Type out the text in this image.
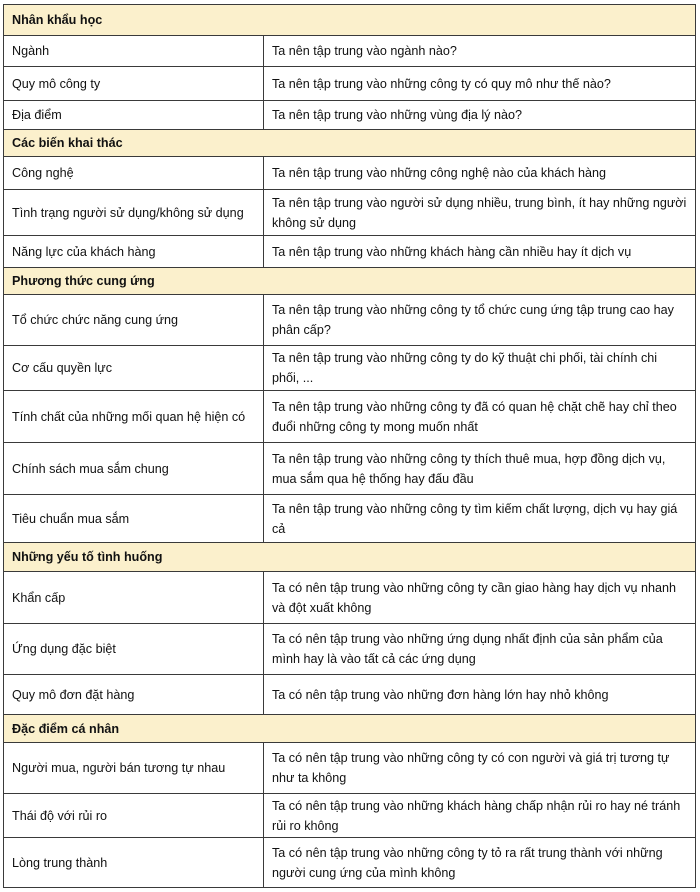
Nhân khẩu học	
Ngành	Ta nên tập trung vào ngành nào?
Quy mô công ty	Ta nên tập trung vào những công ty có quy mô như thế nào?
Địa điểm	Ta nên tập trung vào những vùng địa lý nào?
Các biến khai thác	
Công nghệ	Ta nên tập trung vào những công nghệ nào của khách hàng
Tình trạng người sử dụng/không sử dụng	Ta nên tập trung vào người sử dụng nhiều, trung bình, ít hay những người không sử dụng
Năng lực của khách hàng	Ta nên tập trung vào những khách hàng cần nhiều hay ít dịch vụ
Phương thức cung ứng	
Tổ chức chức năng cung ứng	Ta nên tập trung vào những công ty tổ chức cung ứng tập trung cao hay phân cấp?
Cơ cấu quyền lực	Ta nên tập trung vào những công ty do kỹ thuật chi phối, tài chính chi phối, ...
Tính chất của những mối quan hệ hiện có	Ta nên tập trung vào những công ty đã có quan hệ chặt chẽ hay chỉ theo đuổi những công ty mong muốn nhất
Chính sách mua sắm chung	Ta nên tập trung vào những công ty thích thuê mua, hợp đồng dịch vụ, mua sắm qua hệ thống hay đấu đầu
Tiêu chuẩn mua sắm	Ta nên tập trung vào những công ty tìm kiếm chất lượng, dịch vụ hay giá cả
Những yếu tố tình huống	
Khẩn cấp	Ta có nên tập trung vào những công ty cần giao hàng hay dịch vụ nhanh và đột xuất không
Ứng dụng đặc biệt	Ta có nên tập trung vào những ứng dụng nhất định của sản phẩm của mình hay là vào tất cả các ứng dụng
Quy mô đơn đặt hàng	Ta có nên tập trung vào những đơn hàng lớn hay nhỏ không
Đặc điểm cá nhân	
Người mua, người bán tương tự nhau	Ta có nên tập trung vào những công ty có con người và giá trị tương tự như ta không
Thái độ với rủi ro	Ta có nên tập trung vào những khách hàng chấp nhận rủi ro hay né tránh rủi ro không
Lòng trung thành	Ta có nên tập trung vào những công ty tỏ ra rất trung thành với những người cung ứng của mình không
